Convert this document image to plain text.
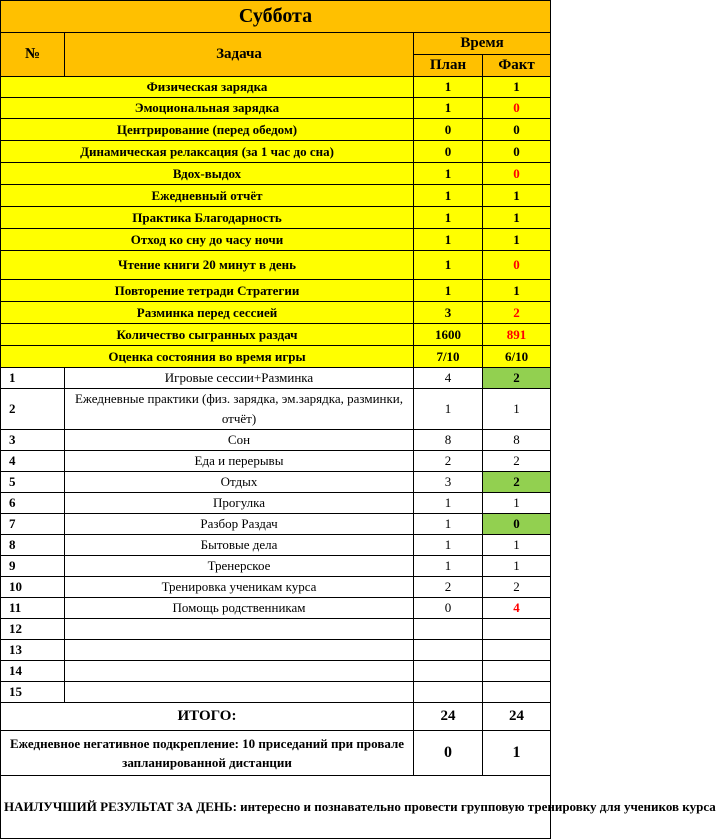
Суббота			
№	Задача	Время	
		План	Факт
Физическая зарядка		1	1
Эмоциональная зарядка		1	0
Центрирование (перед обедом)		0	0
Динамическая релаксация (за 1 час до сна)		0	0
Вдох-выдох		1	0
Ежедневный отчёт		1	1
Практика Благодарность		1	1
Отход ко сну до часу ночи		1	1
Чтение книги 20 минут в день		1	0
Повторение тетради Стратегии		1	1
Разминка перед сессией		3	2
Количество сыгранных раздач		1600	891
Оценка состояния во время игры		7/10	6/10
1	Игровые сессии+Разминка	4	2
2	Ежедневные практики (физ. зарядка, эм.зарядка, разминки, отчёт)	1	1
3	Сон	8	8
4	Еда и перерывы	2	2
5	Отдых	3	2
6	Прогулка	1	1
7	Разбор Раздач	1	0
8	Бытовые дела	1	1
9	Тренерское	1	1
10	Тренировка ученикам курса	2	2
11	Помощь родственникам	0	4
12			
13			
14			
15			
ИТОГО:		24	24
Ежедневное негативное подкрепление: 10 приседаний при провале запланированной дистанции		0	1
НАИЛУЧШИЙ РЕЗУЛЬТАТ ЗА ДЕНЬ: интересно и познавательно провести групповую тренировку для учеников курса			
